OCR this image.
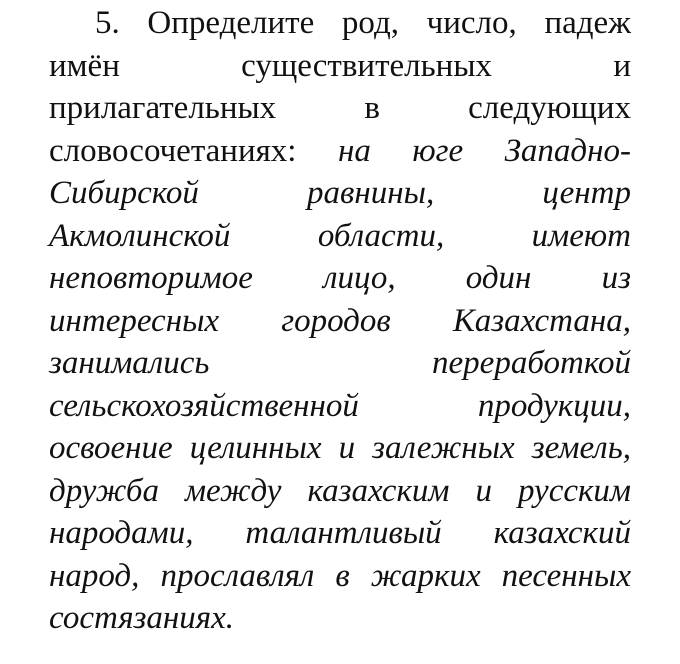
5. Определите род, число, падеж
имён	существительных	и
прилагательных	в	следующих
словосочетаниях: на юге Западно-
Сибирской	равнины,	центр
Акмолинской	области,	имеют
неповторимое лицо, один из
интересных городов Казахстана,
занимались	переработкой
сельскохозяйственной	продукции,
освоение целинных и залежных земель,
дружба между казахским и русским
народами, талантливый казахский
народ, прославлял в жарких песенных
состязаниях.
